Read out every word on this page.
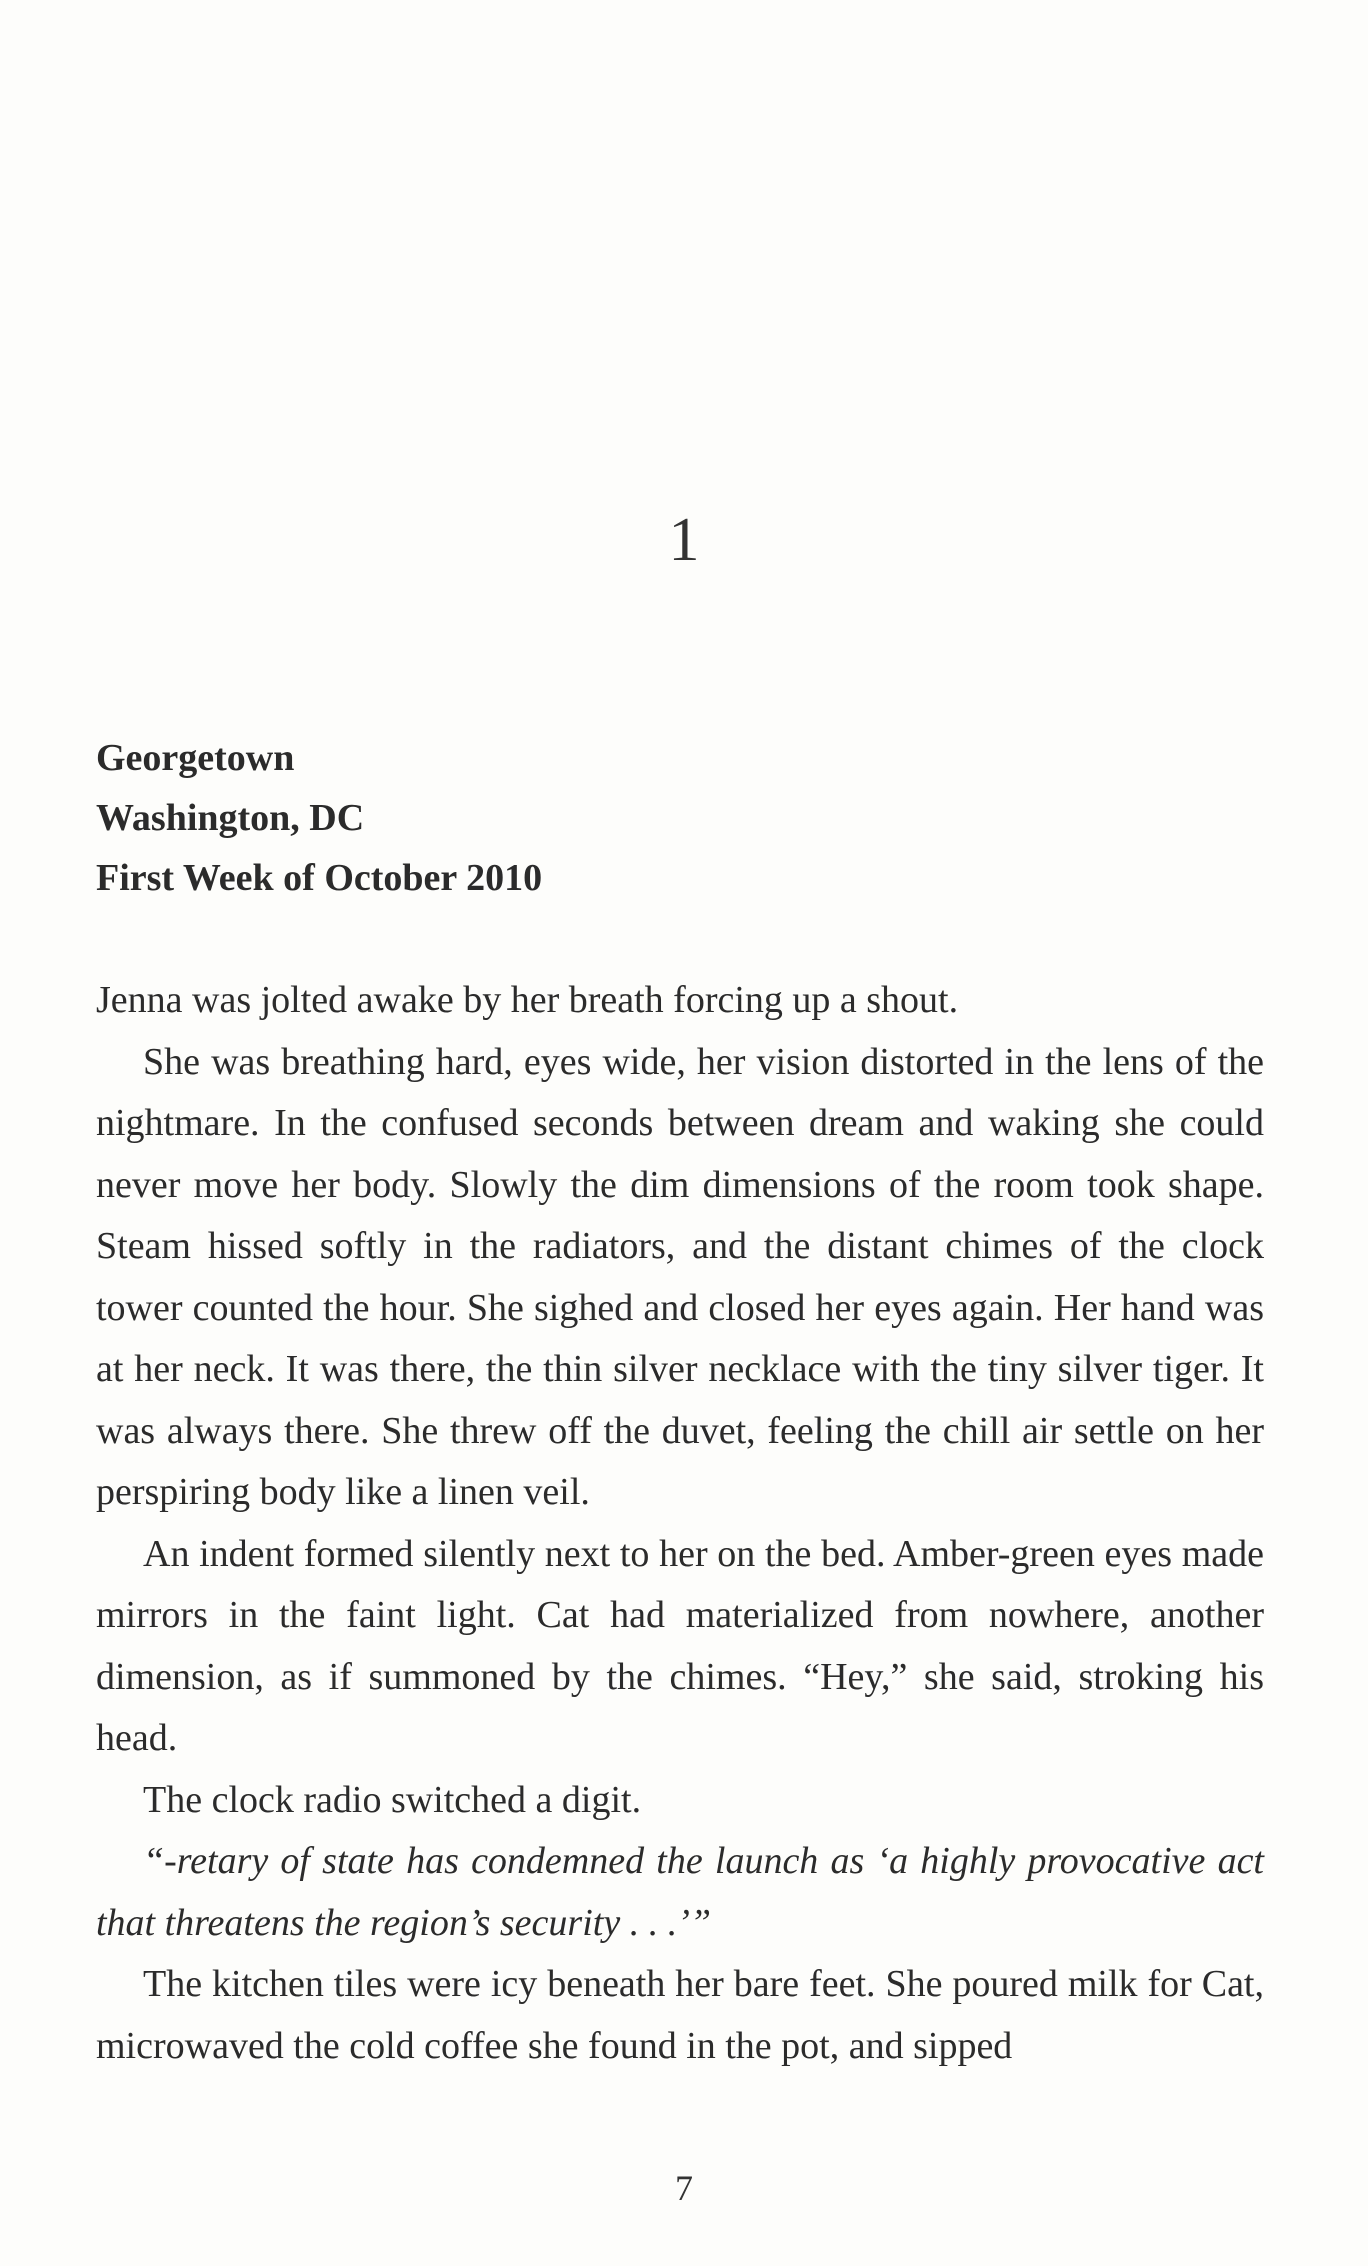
1
Georgetown
Washington, DC
First Week of October 2010

Jenna was jolted awake by her breath forcing up a shout.

She was breathing hard, eyes wide, her vision distorted in the lens of the nightmare. In the confused seconds between dream and waking she could never move her body. Slowly the dim dimensions of the room took shape. Steam hissed softly in the radiators, and the distant chimes of the clock tower counted the hour. She sighed and closed her eyes again. Her hand was at her neck. It was there, the thin silver necklace with the tiny silver tiger. It was always there. She threw off the duvet, feeling the chill air settle on her perspiring body like a linen veil.

An indent formed silently next to her on the bed. Amber-green eyes made mirrors in the faint light. Cat had materialized from nowhere, another dimension, as if summoned by the chimes. “Hey,” she said, stroking his head.

The clock radio switched a digit.

“-retary of state has condemned the launch as ‘a highly provocative act that threatens the region’s security . . .’”

The kitchen tiles were icy beneath her bare feet. She poured milk for Cat, microwaved the cold coffee she found in the pot, and sipped

7
